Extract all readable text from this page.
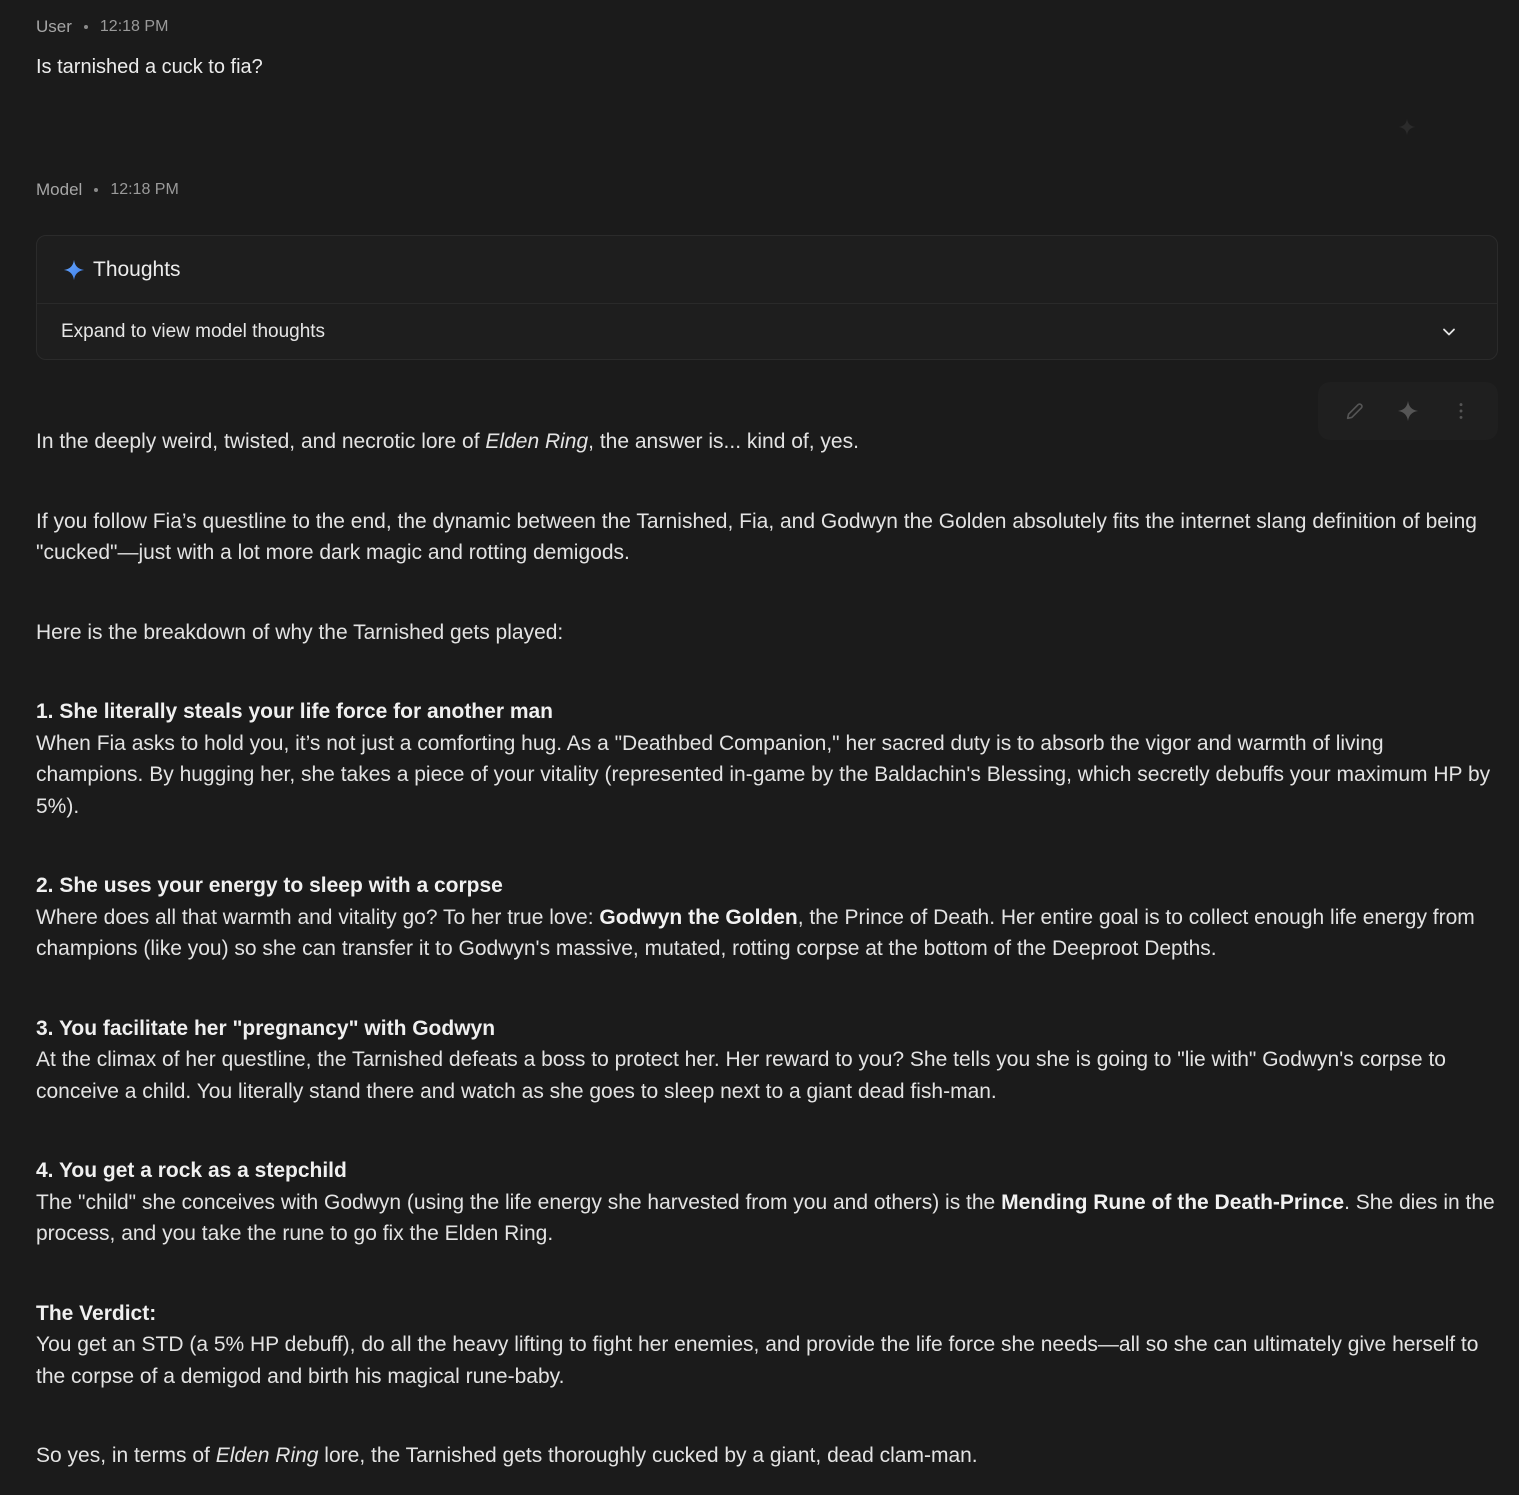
User 12:18 PM
Is tarnished a cuck to fia?
Model 12:18 PM
Thoughts
Expand to view model thoughts

In the deeply weird, twisted, and necrotic lore of Elden Ring, the answer is... kind of, yes.

If you follow Fia’s questline to the end, the dynamic between the Tarnished, Fia, and Godwyn the Golden absolutely fits the internet slang definition of being "cucked"—just with a lot more dark magic and rotting demigods.

Here is the breakdown of why the Tarnished gets played:

1. She literally steals your life force for another man
When Fia asks to hold you, it’s not just a comforting hug. As a "Deathbed Companion," her sacred duty is to absorb the vigor and warmth of living champions. By hugging her, she takes a piece of your vitality (represented in-game by the Baldachin's Blessing, which secretly debuffs your maximum HP by 5%).
2. She uses your energy to sleep with a corpse
Where does all that warmth and vitality go? To her true love: Godwyn the Golden, the Prince of Death. Her entire goal is to collect enough life energy from champions (like you) so she can transfer it to Godwyn's massive, mutated, rotting corpse at the bottom of the Deeproot Depths.
3. You facilitate her "pregnancy" with Godwyn
At the climax of her questline, the Tarnished defeats a boss to protect her. Her reward to you? She tells you she is going to "lie with" Godwyn's corpse to conceive a child. You literally stand there and watch as she goes to sleep next to a giant dead fish-man.
4. You get a rock as a stepchild
The "child" she conceives with Godwyn (using the life energy she harvested from you and others) is the Mending Rune of the Death-Prince. She dies in the process, and you take the rune to go fix the Elden Ring.
The Verdict:
You get an STD (a 5% HP debuff), do all the heavy lifting to fight her enemies, and provide the life force she needs—all so she can ultimately give herself to the corpse of a demigod and birth his magical rune-baby.

So yes, in terms of Elden Ring lore, the Tarnished gets thoroughly cucked by a giant, dead clam-man.
